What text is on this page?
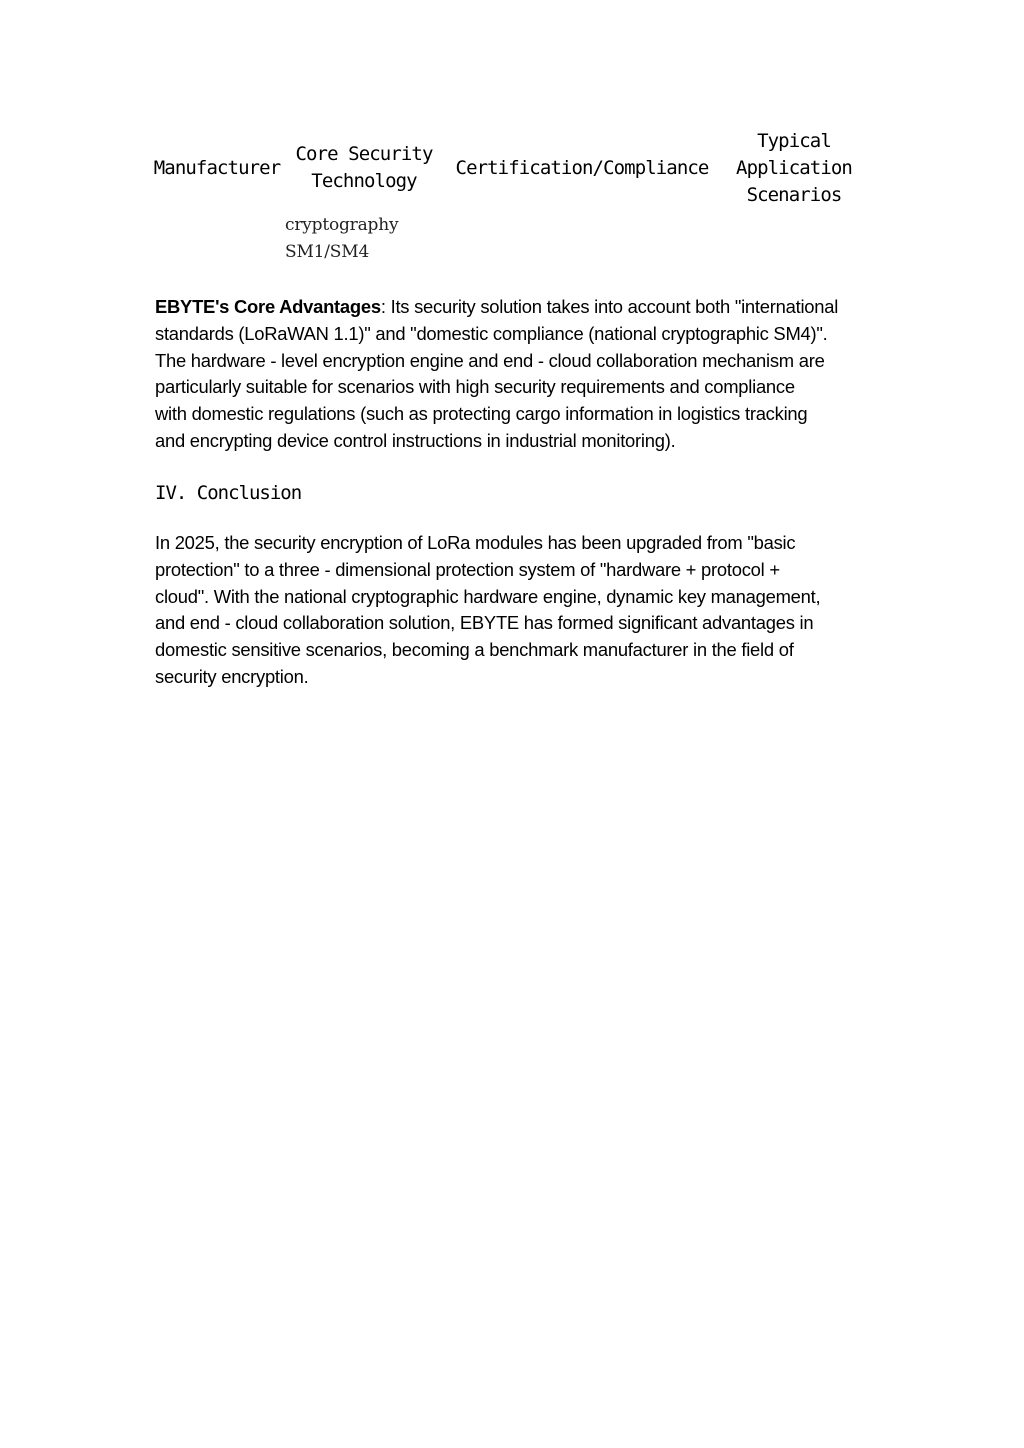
Manufacturer
Core Security
Technology
Certification/Compliance
Typical
Application
Scenarios
cryptography
SM1/SM4
EBYTE's Core Advantages: Its security solution takes into account both "international
standards (LoRaWAN 1.1)" and "domestic compliance (national cryptographic SM4)".
The hardware - level encryption engine and end - cloud collaboration mechanism are
particularly suitable for scenarios with high security requirements and compliance
with domestic regulations (such as protecting cargo information in logistics tracking
and encrypting device control instructions in industrial monitoring).
IV. Conclusion
In 2025, the security encryption of LoRa modules has been upgraded from "basic
protection" to a three - dimensional protection system of "hardware + protocol +
cloud". With the national cryptographic hardware engine, dynamic key management,
and end - cloud collaboration solution, EBYTE has formed significant advantages in
domestic sensitive scenarios, becoming a benchmark manufacturer in the field of
security encryption.
